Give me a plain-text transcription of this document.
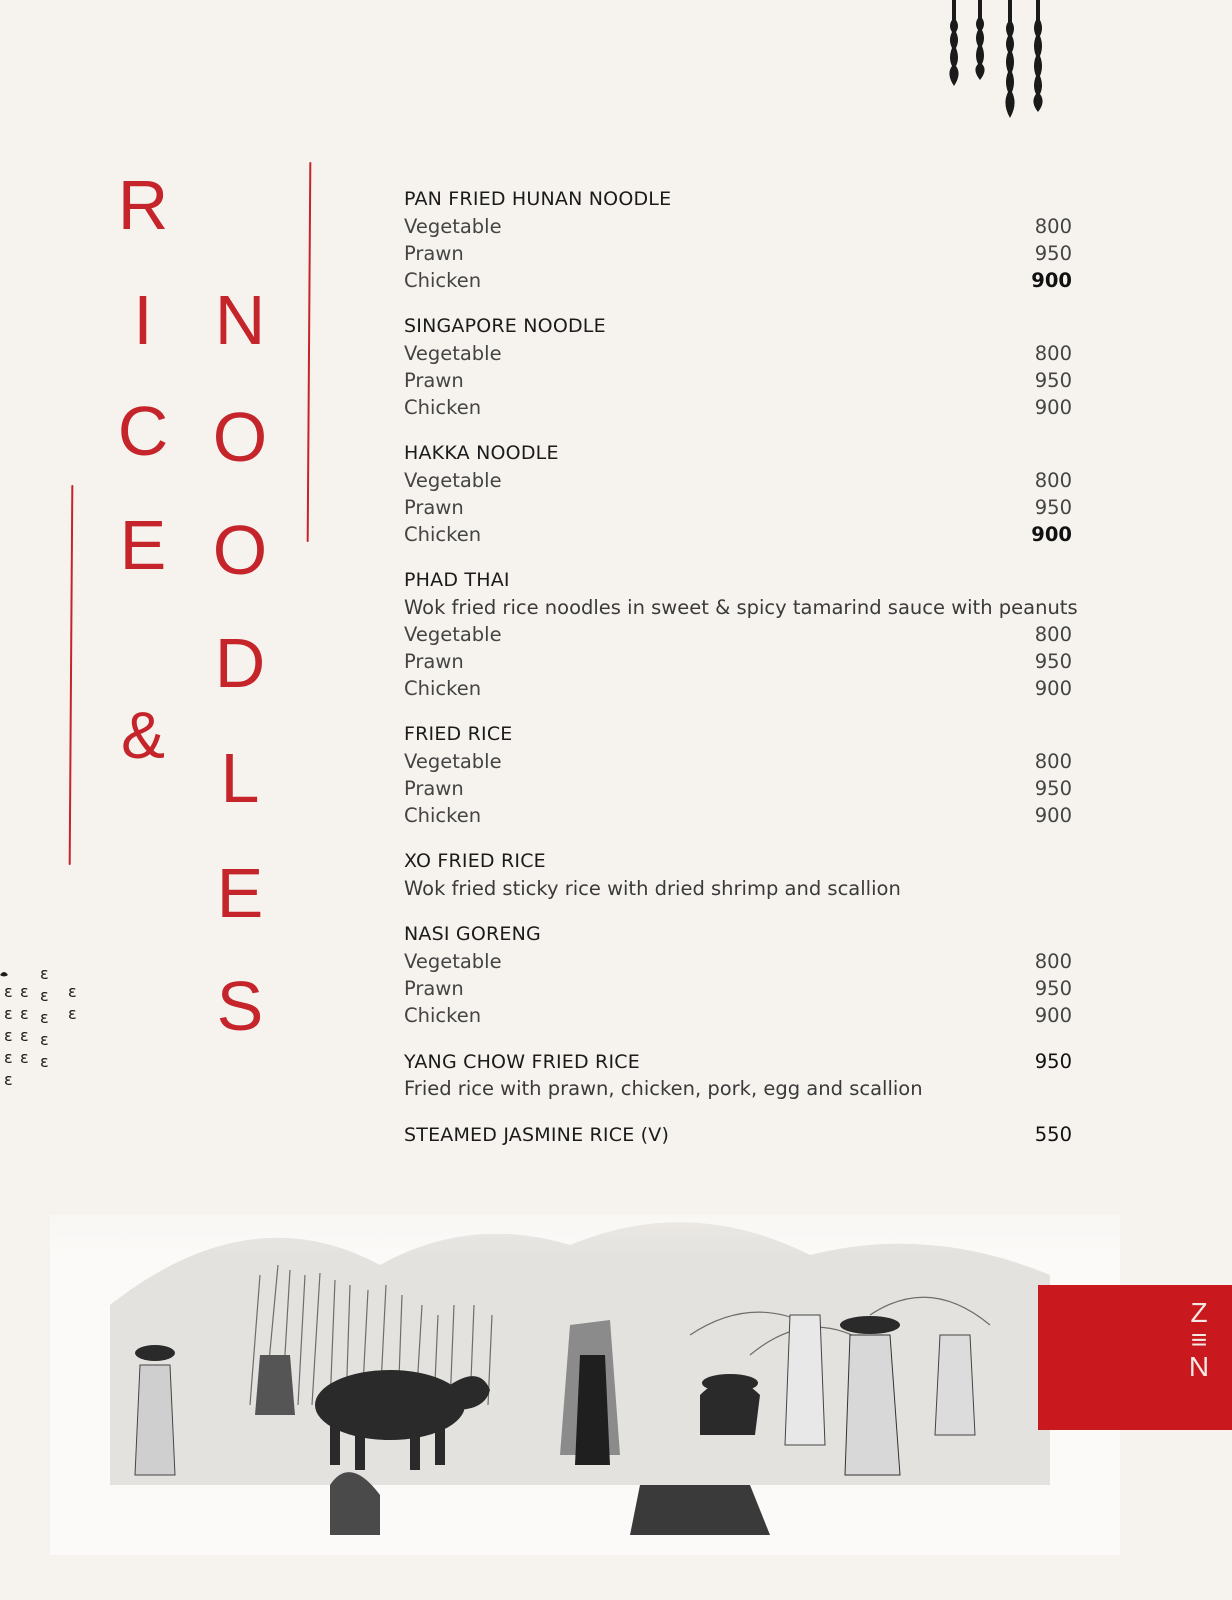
R
I
C
E
&
N
O
O
D
L
E
S
PAN FRIED HUNAN NOODLE
Vegetable	800
Prawn	950
Chicken	900
SINGAPORE NOODLE
Vegetable	800
Prawn	950
Chicken	900
HAKKA NOODLE
Vegetable	800
Prawn	950
Chicken	900
PHAD THAI
Wok fried rice noodles in sweet & spicy tamarind sauce with peanuts
Vegetable	800
Prawn	950
Chicken	900
FRIED RICE
Vegetable	800
Prawn	950
Chicken	900
XO FRIED RICE
Wok fried sticky rice with dried shrimp and scallion
NASI GORENG
Vegetable	800
Prawn	950
Chicken	900
YANG CHOW FRIED RICE	950
Fried rice with prawn, chicken, pork, egg and scallion
STEAMED JASMINE RICE (V)	550
ɛ
ɛ
ɛ
ɛ
ɛ
ɛ
ɛ
ɛ
ɛ
ɛ
ɛ
ɛ
ɛ
ɛ
ɛ
ɛ
Z
≡
N
